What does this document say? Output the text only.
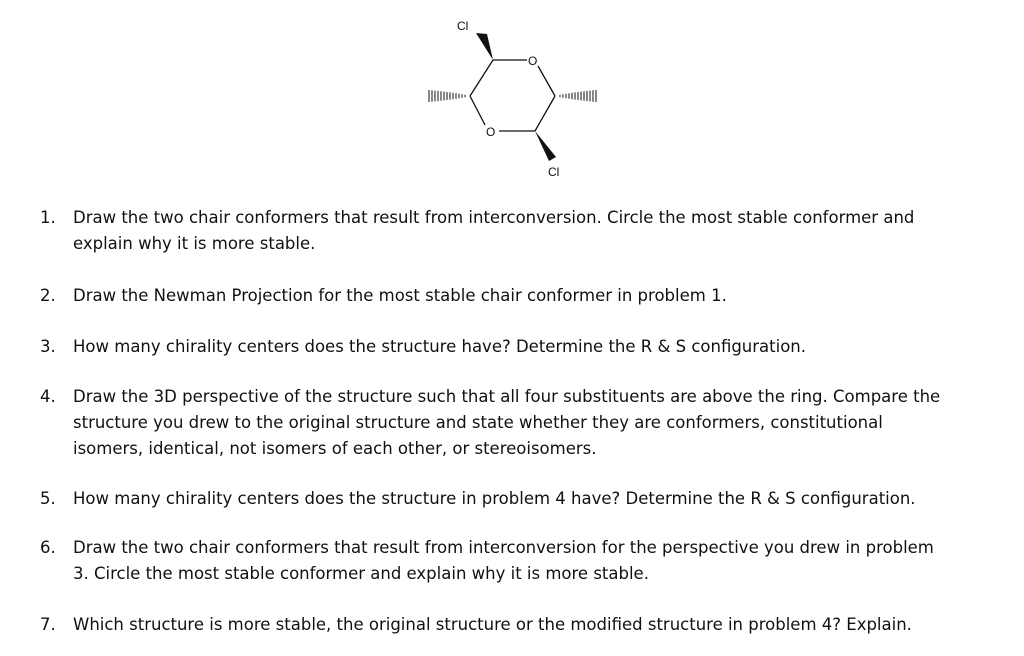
Cl
Cl
O
O
1. Draw the two chair conformers that result from interconversion. Circle the most stable conformer and
explain why it is more stable.
2. Draw the Newman Projection for the most stable chair conformer in problem 1.
3. How many chirality centers does the structure have? Determine the R & S configuration.
4. Draw the 3D perspective of the structure such that all four substituents are above the ring. Compare the
structure you drew to the original structure and state whether they are conformers, constitutional
isomers, identical, not isomers of each other, or stereoisomers.
5. How many chirality centers does the structure in problem 4 have? Determine the R & S configuration.
6. Draw the two chair conformers that result from interconversion for the perspective you drew in problem
3. Circle the most stable conformer and explain why it is more stable.
7. Which structure is more stable, the original structure or the modified structure in problem 4? Explain.
